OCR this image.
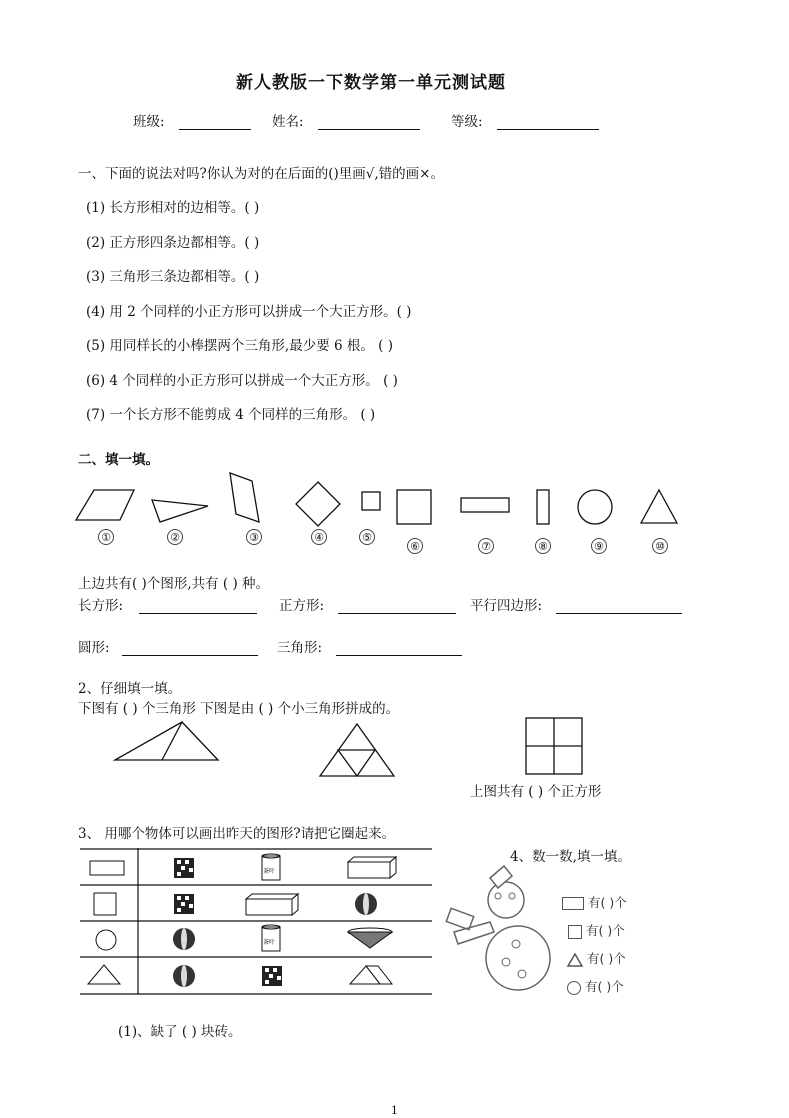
新人教版一下数学第一单元测试题
班级:	姓名:	等级:
一、下面的说法对吗?你认为对的在后面的()里画√,错的画×。
(1) 长方形相对的边相等。( )
(2) 正方形四条边都相等。( )
(3) 三角形三条边都相等。( )
(4) 用 2 个同样的小正方形可以拼成一个大正方形。( )
(5) 用同样长的小棒摆两个三角形,最少要 6 根。 ( )
(6) 4 个同样的小正方形可以拼成一个大正方形。 ( )
(7) 一个长方形不能剪成 4 个同样的三角形。 ( )
二、填一填。
①	②	③	④	⑤
⑥	⑦	⑧	⑨	⑩
上边共有( )个图形,共有 ( ) 种。
长方形:	正方形:	平行四边形:
圆形:	三角形:
2、仔细填一填。
下图有 ( ) 个三角形 下图是由 ( ) 个小三角形拼成的。
上图共有 ( ) 个正方形
3、 用哪个物体可以画出昨天的图形?请把它圈起来。
茶叶
茶叶
4、数一数,填一填。
有( )个
有( )个
有( )个
有( )个
(1)、缺了 ( ) 块砖。
1
